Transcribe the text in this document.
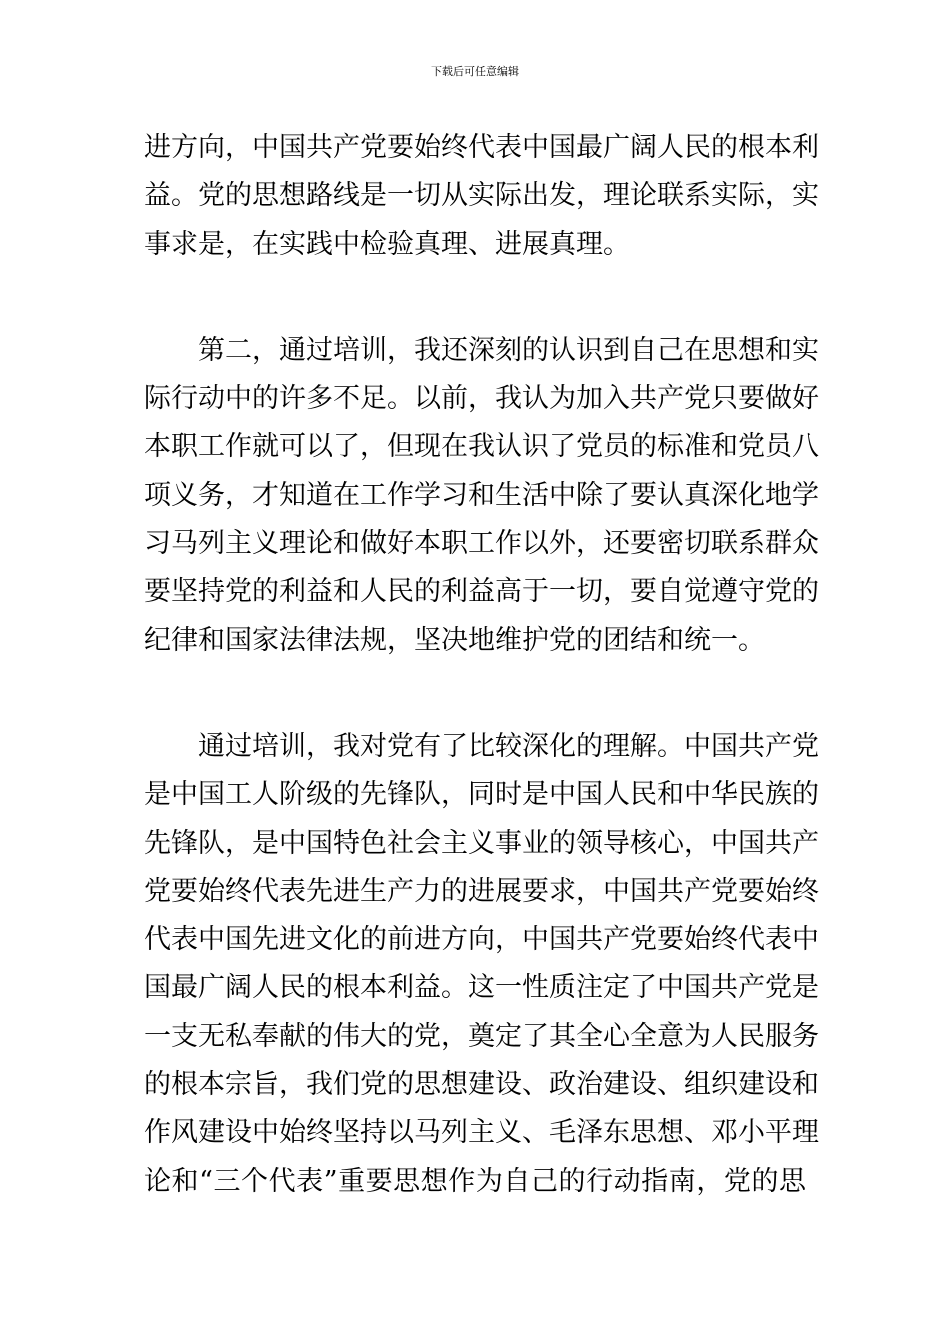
下载后可任意编辑

进方向，中国共产党要始终代表中国最广阔人民的根本利
益。党的思想路线是一切从实际出发，理论联系实际，实
事求是，在实践中检验真理、进展真理。

第二，通过培训，我还深刻的认识到自己在思想和实
际行动中的许多不足。以前，我认为加入共产党只要做好
本职工作就可以了，但现在我认识了党员的标准和党员八
项义务，才知道在工作学习和生活中除了要认真深化地学
习马列主义理论和做好本职工作以外，还要密切联系群众
要坚持党的利益和人民的利益高于一切，要自觉遵守党的
纪律和国家法律法规，坚决地维护党的团结和统一。

通过培训，我对党有了比较深化的理解。中国共产党
是中国工人阶级的先锋队，同时是中国人民和中华民族的
先锋队，是中国特色社会主义事业的领导核心，中国共产
党要始终代表先进生产力的进展要求，中国共产党要始终
代表中国先进文化的前进方向，中国共产党要始终代表中
国最广阔人民的根本利益。这一性质注定了中国共产党是
一支无私奉献的伟大的党，奠定了其全心全意为人民服务
的根本宗旨，我们党的思想建设、政治建设、组织建设和
作风建设中始终坚持以马列主义、毛泽东思想、邓小平理
论和“三个代表”重要思想作为自己的行动指南，党的思
